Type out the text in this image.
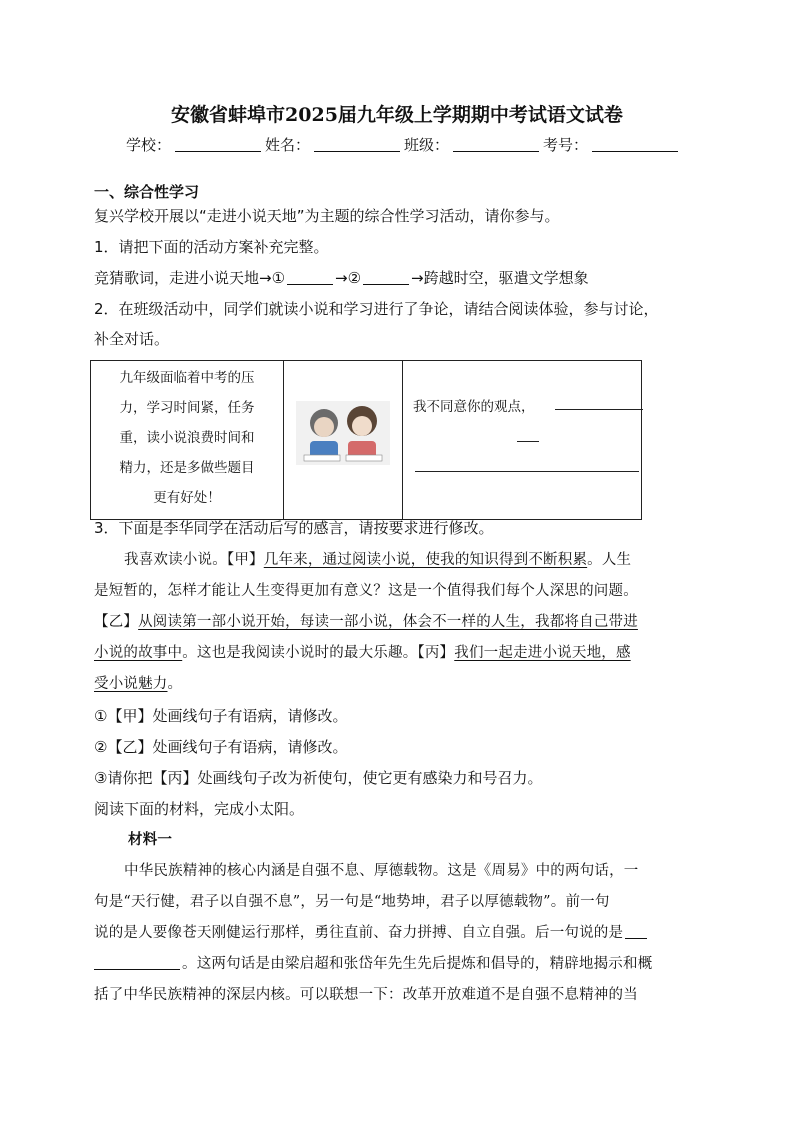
安徽省蚌埠市2025届九年级上学期期中考试语文试卷
学校：	姓名：	班级：	考号：
一、综合性学习
复兴学校开展以“走进小说天地”为主题的综合性学习活动，请你参与。
1．请把下面的活动方案补充完整。
竞猜歌词，走进小说天地→①	→②	→跨越时空，驱遣文学想象
2．在班级活动中，同学们就读小说和学习进行了争论，请结合阅读体验，参与讨论，
补全对话。
九年级面临着中考的压
力，学习时间紧，任务
重，读小说浪费时间和
精力，还是多做些题目
更有好处！

我不同意你的观点，
3．下面是李华同学在活动后写的感言，请按要求进行修改。
我喜欢读小说。【甲】几年来，通过阅读小说，使我的知识得到不断积累。人生
是短暂的，怎样才能让人生变得更加有意义？这是一个值得我们每个人深思的问题。
【乙】从阅读第一部小说开始，每读一部小说，体会不一样的人生，我都将自己带进
小说的故事中。这也是我阅读小说时的最大乐趣。【丙】我们一起走进小说天地，感
受小说魅力。
①【甲】处画线句子有语病，请修改。
②【乙】处画线句子有语病，请修改。
③请你把【丙】处画线句子改为祈使句，使它更有感染力和号召力。
阅读下面的材料，完成小太阳。
材料一
中华民族精神的核心内涵是自强不息、厚德载物。这是《周易》中的两句话，一
句是“天行健，君子以自强不息”，另一句是“地势坤，君子以厚德载物”。前一句
说的是人要像苍天刚健运行那样，勇往直前、奋力拼搏、自立自强。后一句说的是
。这两句话是由梁启超和张岱年先生先后提炼和倡导的，精辟地揭示和概
括了中华民族精神的深层内核。可以联想一下：改革开放难道不是自强不息精神的当
